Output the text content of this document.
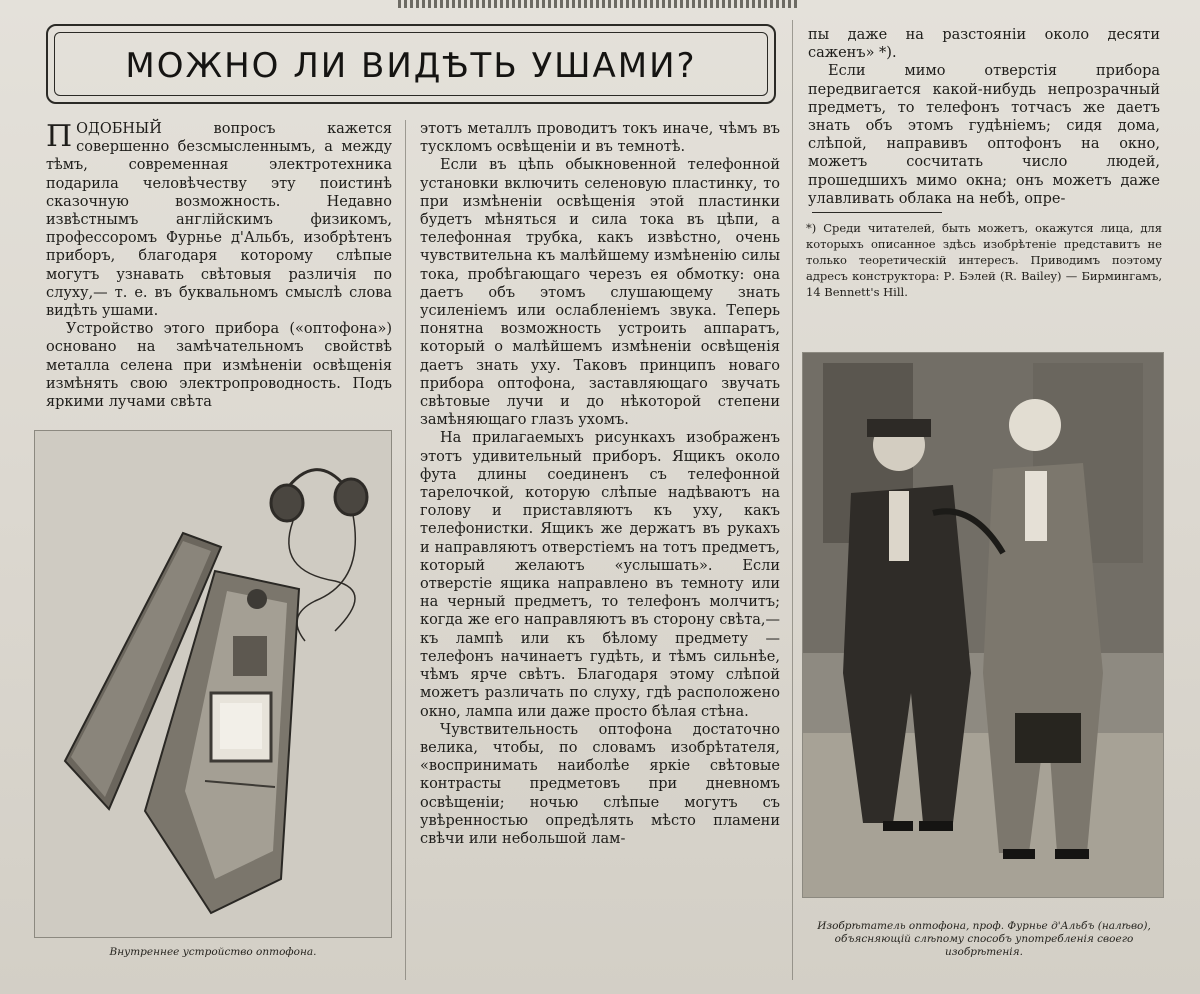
МОЖНО ЛИ ВИДѢТЬ УШАМИ?

ПОДОБНЫЙ вопросъ кажется совершенно безсмысленнымъ, а между тѣмъ, современная электротехника подарила человѣчеству эту поистинѣ сказочную возможность. Недавно извѣстнымъ англійскимъ физикомъ, профессоромъ Фурнье д'Альбъ, изобрѣтенъ приборъ, благодаря которому слѣпые могутъ узнавать свѣтовыя различія по слуху,— т. е. въ буквальномъ смыслѣ слова видѣть ушами.

Устройство этого прибора («оптофона») основано на замѣчательномъ свойствѣ металла селена при измѣненіи освѣщенія измѣнять свою электропроводность. Подъ яркими лучами свѣта

Внутреннее устройство оптофона.

этотъ металлъ проводитъ токъ иначе, чѣмъ въ тускломъ освѣщеніи и въ темнотѣ.

Если въ цѣпь обыкновенной телефонной установки включить селеновую пластинку, то при измѣненіи освѣщенія этой пластинки будетъ мѣняться и сила тока въ цѣпи, а телефонная трубка, какъ извѣстно, очень чувствительна къ малѣйшему измѣненію силы тока, пробѣгающаго черезъ ея обмотку: она даетъ объ этомъ слушающему знать усиленіемъ или ослабленіемъ звука. Теперь понятна возможность устроить аппаратъ, который о малѣйшемъ измѣненіи освѣщенія даетъ знать уху. Таковъ принципъ новаго прибора оптофона, заставляющаго звучать свѣтовые лучи и до нѣкоторой степени замѣняющаго глазъ ухомъ.

На прилагаемыхъ рисункахъ изображенъ этотъ удивительный приборъ. Ящикъ около фута длины соединенъ съ телефонной тарелочкой, которую слѣпые надѣваютъ на голову и приставляютъ къ уху, какъ телефонистки. Ящикъ же держатъ въ рукахъ и направляютъ отверстіемъ на тотъ предметъ, который желаютъ «услышать». Если отверстіе ящика направлено въ темноту или на черный предметъ, то телефонъ молчитъ; когда же его направляютъ въ сторону свѣта,—къ лампѣ или къ бѣлому предмету — телефонъ начинаетъ гудѣть, и тѣмъ сильнѣе, чѣмъ ярче свѣтъ. Благодаря этому слѣпой можетъ различать по слуху, гдѣ расположено окно, лампа или даже просто бѣлая стѣна.

Чувствительность оптофона достаточно велика, чтобы, по словамъ изобрѣтателя, «воспринимать наиболѣе яркіе свѣтовые контрасты предметовъ при дневномъ освѣщеніи; ночью слѣпые могутъ съ увѣренностью опредѣлять мѣсто пламени свѣчи или небольшой лам-

пы даже на разстояніи около десяти саженъ» *).

Если мимо отверстія прибора передвигается какой-нибудь непрозрачный предметъ, то телефонъ тотчасъ же даетъ знать объ этомъ гудѣніемъ; сидя дома, слѣпой, направивъ оптофонъ на окно, можетъ сосчитать число людей, прошедшихъ мимо окна; онъ можетъ даже улавливать облака на небѣ, опре-

*) Среди читателей, быть можетъ, окажутся лица, для которыхъ описанное здѣсь изобрѣтеніе представитъ не только теоретическій интересъ. Приводимъ поэтому адресъ конструктора: Р. Бэлей (R. Bailey) — Бирмингамъ, 14 Bennett's Hill.
Изобрѣтатель оптофона, проф. Фурнье д'Альбъ (налѣво), объясняющій слѣпому способъ употребленія своего изобрѣтенія.
